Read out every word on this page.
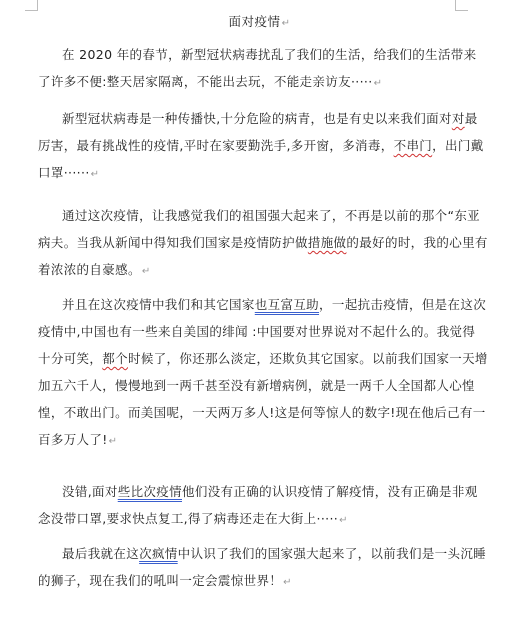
面对疫情↵

在 2020 年的春节，新型冠状病毒扰乱了我们的生活，给我们的生活带来了许多不便:整天居家隔离，不能出去玩，不能走亲访友·····↵

新型冠状病毒是一种传播快,十分危险的病青，也是有史以来我们面对对最厉害，最有挑战性的疫情,平时在家要勤洗手,多开窗，多消毒，不串门，出门戴口罩······↵

通过这次疫情，让我感觉我们的祖国强大起来了，不再是以前的那个“东亚病夫。当我从新闻中得知我们国家是疫情防护做措施做的最好的时，我的心里有着浓浓的自豪感。↵

并且在这次疫情中我们和其它国家也互富互助，一起抗击疫情，但是在这次疫情中,中国也有一些来自美国的绯闻 :中国要对世界说对不起什么的。我觉得十分可笑，都个时候了，你还那么淡定，还欺负其它国家。以前我们国家一天增加五六千人，慢慢地到一两千甚至没有新增病例，就是一两千人全国都人心惶惶，不敢出门。而美国呢，一天两万多人!这是何等惊人的数字!现在他后己有一百多万人了!↵

没错,面对些比次疫情他们没有正确的认识疫情了解疫情，没有正确是非观念没带口罩,要求快点复工,得了病毒还走在大街上·····↵

最后我就在这次疯情中认识了我们的国家强大起来了，以前我们是一头沉睡的狮子，现在我们的吼叫一定会震惊世界！↵
